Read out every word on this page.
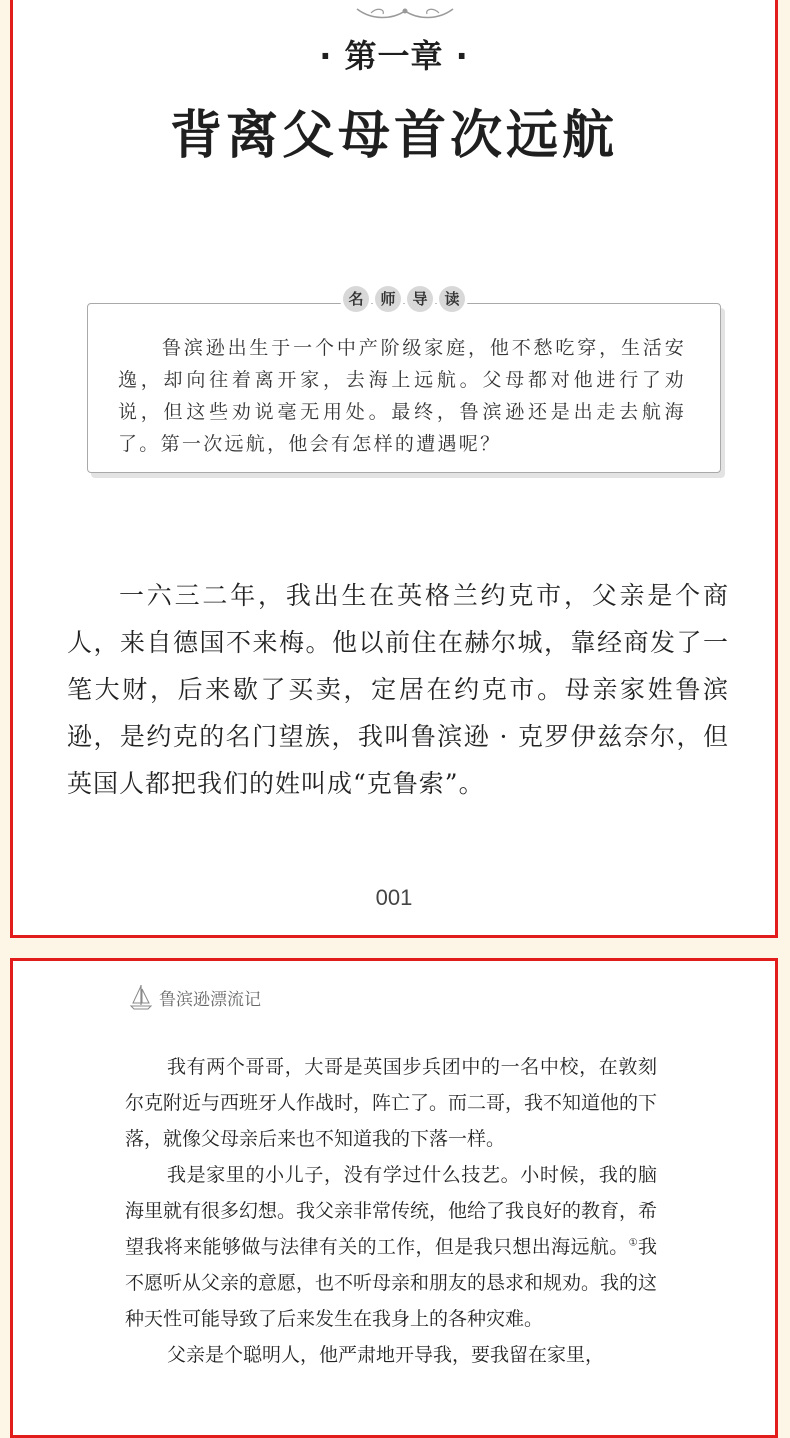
· 第一章 ·
背离父母首次远航
名	师	导	读

鲁滨逊出生于一个中产阶级家庭，他不愁吃穿，生活安逸，却向往着离开家，去海上远航。父母都对他进行了劝说，但这些劝说毫无用处。最终，鲁滨逊还是出走去航海了。第一次远航，他会有怎样的遭遇呢？

一六三二年，我出生在英格兰约克市，父亲是个商人，来自德国不来梅。他以前住在赫尔城，靠经商发了一笔大财，后来歇了买卖，定居在约克市。母亲家姓鲁滨逊，是约克的名门望族，我叫鲁滨逊 · 克罗伊兹奈尔，但英国人都把我们的姓叫成“克鲁索”。

001
鲁滨逊漂流记

我有两个哥哥，大哥是英国步兵团中的一名中校，在敦刻尔克附近与西班牙人作战时，阵亡了。而二哥，我不知道他的下落，就像父母亲后来也不知道我的下落一样。

我是家里的小儿子，没有学过什么技艺。小时候，我的脑海里就有很多幻想。我父亲非常传统，他给了我良好的教育，希望我将来能够做与法律有关的工作，但是我只想出海远航。①我不愿听从父亲的意愿，也不听母亲和朋友的恳求和规劝。我的这种天性可能导致了后来发生在我身上的各种灾难。

父亲是个聪明人，他严肃地开导我，要我留在家里，
